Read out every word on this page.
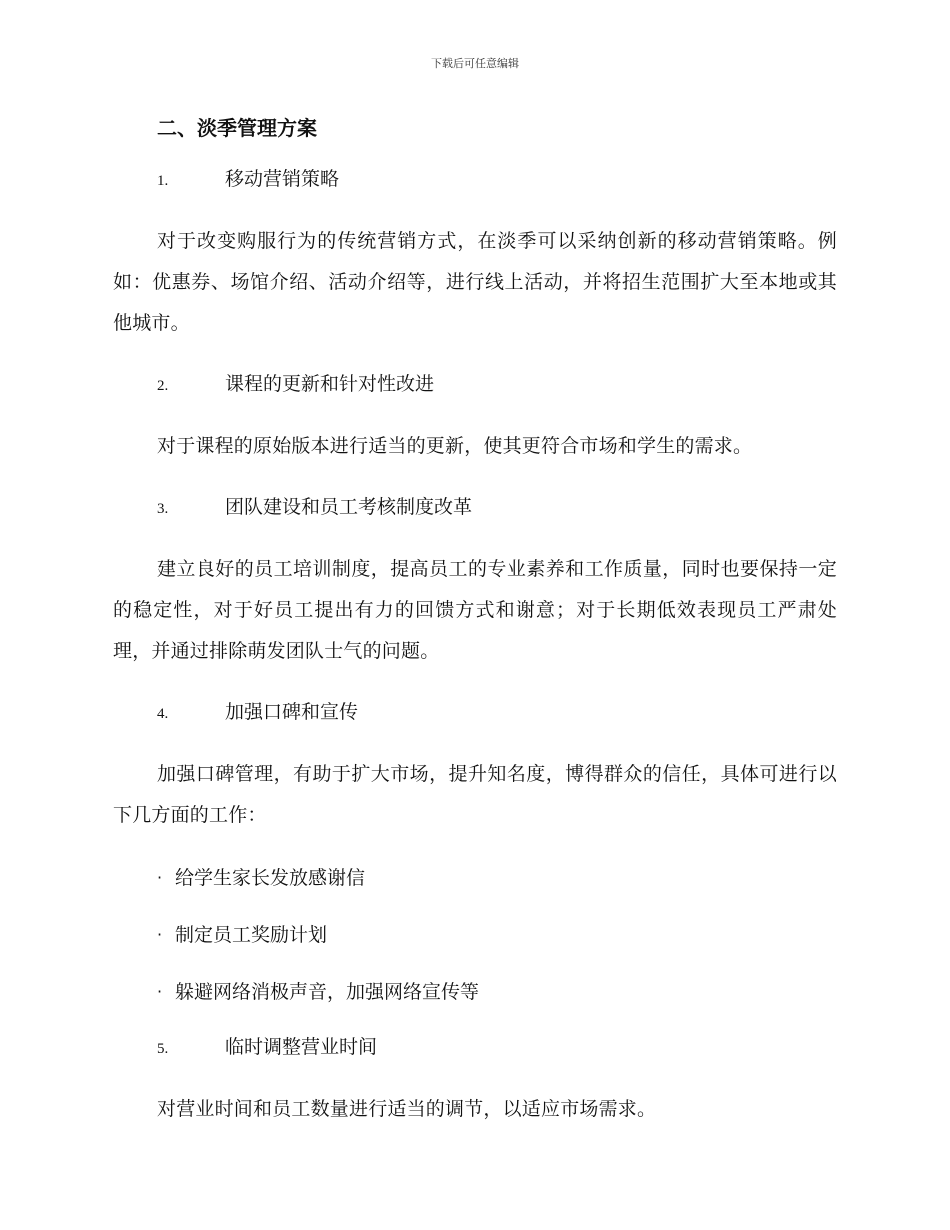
下载后可任意编辑
二、淡季管理方案
1.	移动营销策略
对于改变购服行为的传统营销方式，在淡季可以采纳创新的移动营销策略。例如：优惠券、场馆介绍、活动介绍等，进行线上活动，并将招生范围扩大至本地或其他城市。
2.	课程的更新和针对性改进
对于课程的原始版本进行适当的更新，使其更符合市场和学生的需求。
3.	团队建设和员工考核制度改革
建立良好的员工培训制度，提高员工的专业素养和工作质量，同时也要保持一定的稳定性，对于好员工提出有力的回馈方式和谢意；对于长期低效表现员工严肃处理，并通过排除萌发团队士气的问题。
4.	加强口碑和宣传
加强口碑管理，有助于扩大市场，提升知名度，博得群众的信任，具体可进行以下几方面的工作：
· 给学生家长发放感谢信
· 制定员工奖励计划
· 躲避网络消极声音，加强网络宣传等
5.	临时调整营业时间
对营业时间和员工数量进行适当的调节，以适应市场需求。
